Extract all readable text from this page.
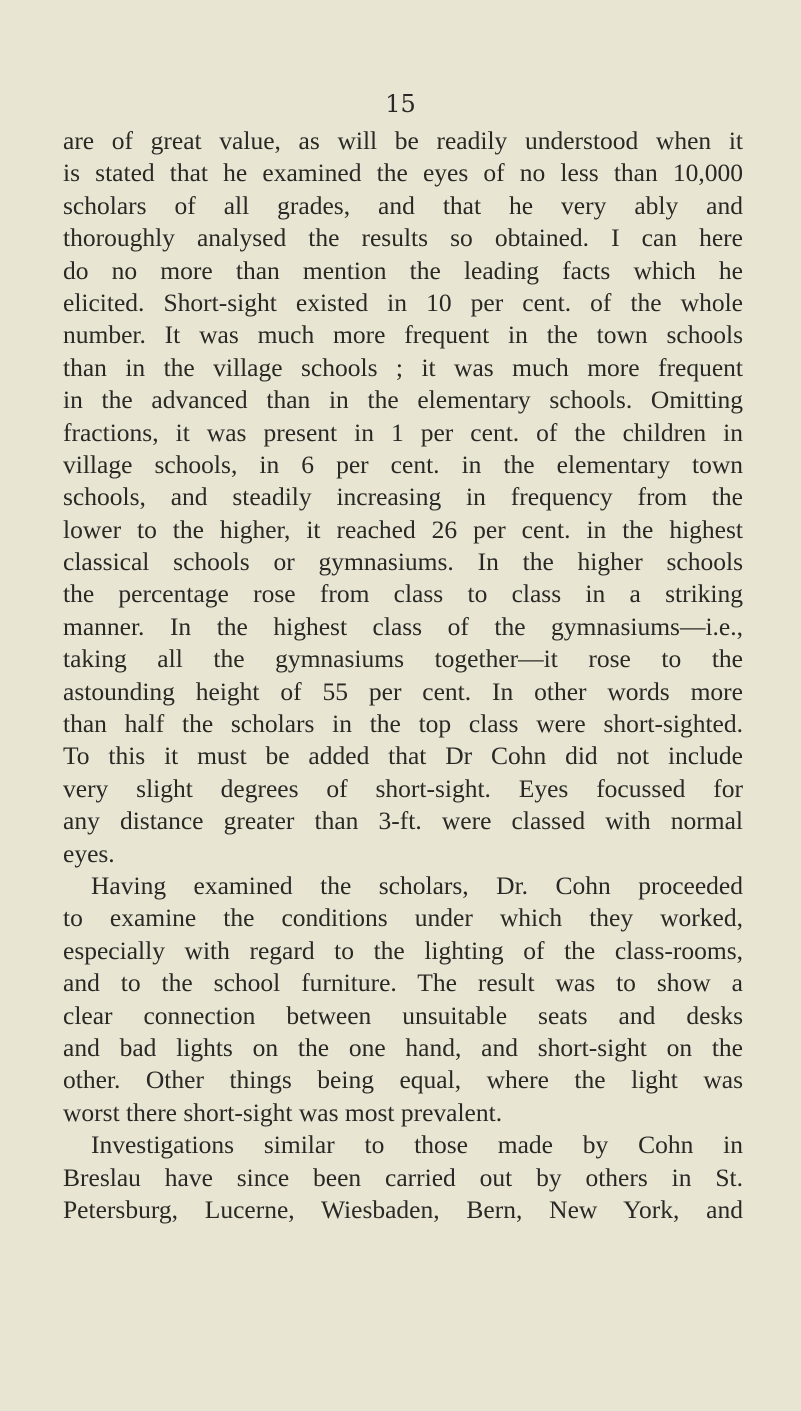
15
are of great value, as will be readily understood when it
is stated that he examined the eyes of no less than 10,000
scholars of all grades, and that he very ably and
thoroughly analysed the results so obtained. I can here
do no more than mention the leading facts which he
elicited. Short-sight existed in 10 per cent. of the whole
number. It was much more frequent in the town schools
than in the village schools ; it was much more frequent
in the advanced than in the elementary schools. Omitting
fractions, it was present in 1 per cent. of the children in
village schools, in 6 per cent. in the elementary town
schools, and steadily increasing in frequency from the
lower to the higher, it reached 26 per cent. in the highest
classical schools or gymnasiums. In the higher schools
the percentage rose from class to class in a striking
manner. In the highest class of the gymnasiums—i.e.,
taking all the gymnasiums together—it rose to the
astounding height of 55 per cent. In other words more
than half the scholars in the top class were short-sighted.
To this it must be added that Dr Cohn did not include
very slight degrees of short-sight. Eyes focussed for
any distance greater than 3-ft. were classed with normal
eyes.
Having examined the scholars, Dr. Cohn proceeded
to examine the conditions under which they worked,
especially with regard to the lighting of the class-rooms,
and to the school furniture. The result was to show a
clear connection between unsuitable seats and desks
and bad lights on the one hand, and short-sight on the
other. Other things being equal, where the light was
worst there short-sight was most prevalent.
Investigations similar to those made by Cohn in
Breslau have since been carried out by others in St.
Petersburg, Lucerne, Wiesbaden, Bern, New York, and
